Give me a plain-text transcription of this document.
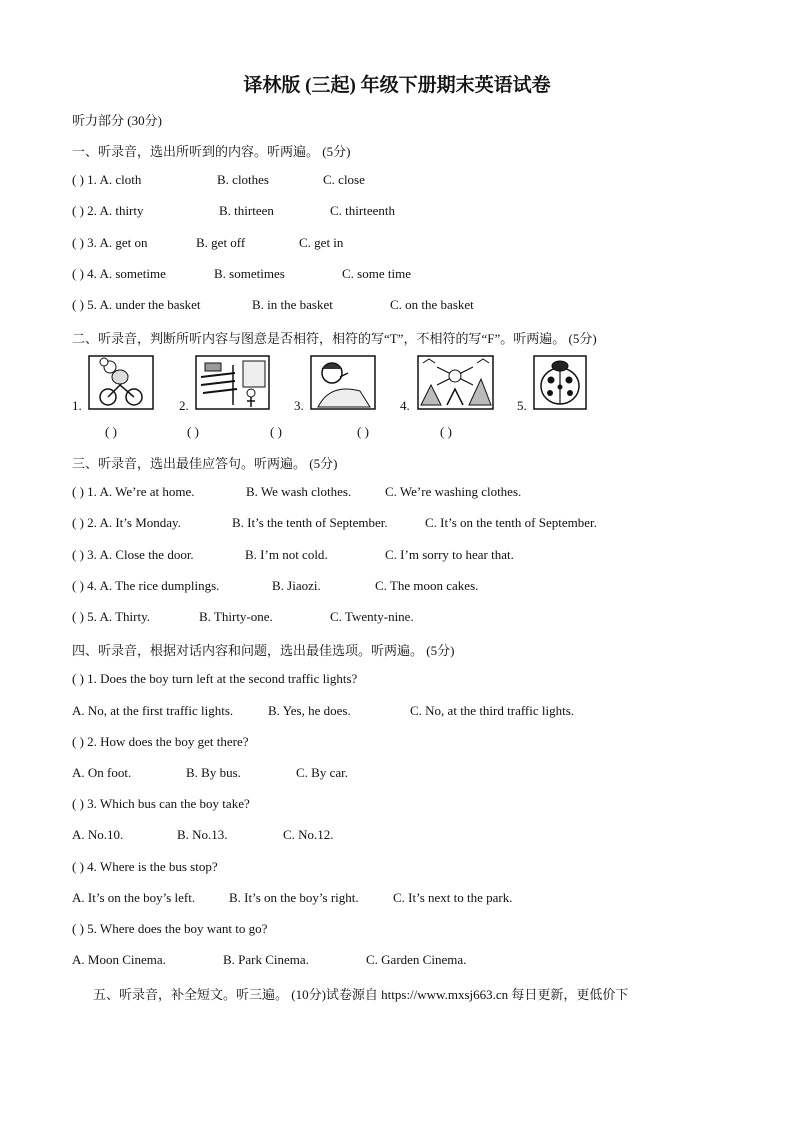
译林版 (三起) 年级下册期末英语试卷
听力部分 (30分)
一、听录音，选出所听到的内容。听两遍。 (5分)
( ) 1. A. cloth	B. clothes	C. close
( ) 2. A. thirty	B. thirteen	C. thirteenth
( ) 3. A. get on	B. get off	C. get in
( ) 4. A. sometime	B. sometimes	C. some time
( ) 5. A. under the basket	B. in the basket	C. on the basket
二、听录音，判断所听内容与图意是否相符，相符的写“T”，不相符的写“F”。听两遍。 (5分)
1.	2.	3.	4.	5.
( )	( )	( )	( )	( )
三、听录音，选出最佳应答句。听两遍。 (5分)
( ) 1. A. We’re at home.	B. We wash clothes.	C. We’re washing clothes.
( ) 2. A. It’s Monday.	B. It’s the tenth of September.	C. It’s on the tenth of September.
( ) 3. A. Close the door.	B. I’m not cold.	C. I’m sorry to hear that.
( ) 4. A. The rice dumplings.	B. Jiaozi.	C. The moon cakes.
( ) 5. A. Thirty.	B. Thirty-one.	C. Twenty-nine.
四、听录音，根据对话内容和问题，选出最佳选项。听两遍。 (5分)
( ) 1. Does the boy turn left at the second traffic lights?
A. No, at the first traffic lights.	B. Yes, he does.	C. No, at the third traffic lights.
( ) 2. How does the boy get there?
A. On foot.	B. By bus.	C. By car.
( ) 3. Which bus can the boy take?
A. No.10.	B. No.13.	C. No.12.
( ) 4. Where is the bus stop?
A. It’s on the boy’s left.	B. It’s on the boy’s right.	C. It’s next to the park.
( ) 5. Where does the boy want to go?
A. Moon Cinema.	B. Park Cinema.	C. Garden Cinema.
五、听录音，补全短文。听三遍。 (10分)试卷源自 https://www.mxsj663.cn 每日更新，更低价下
